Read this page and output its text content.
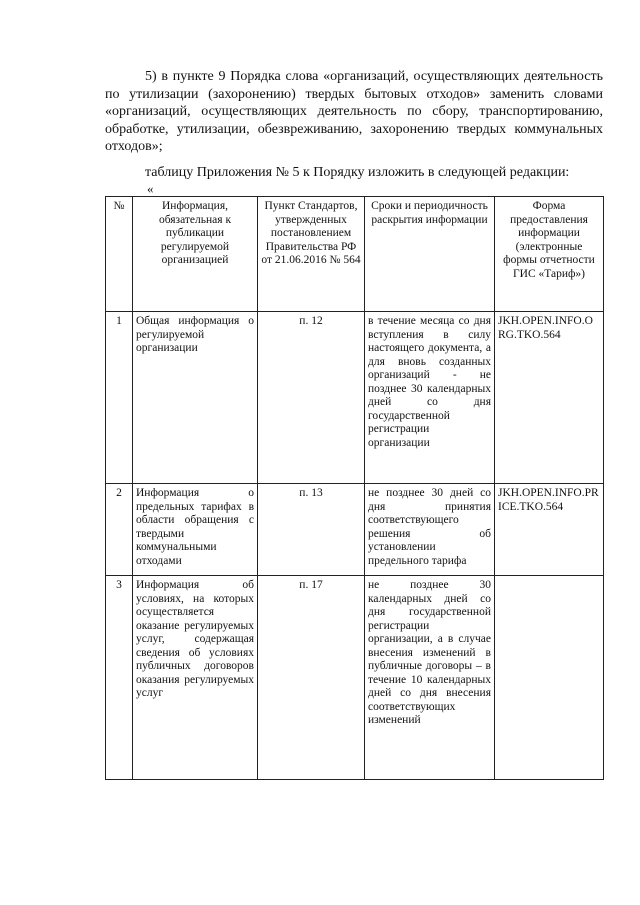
5) в пункте 9 Порядка слова «организаций, осуществляющих деятельность по утилизации (захоронению) твердых бытовых отходов» заменить словами «организаций, осуществляющих деятельность по сбору, транспортированию, обработке, утилизации, обезвреживанию, захоронению твердых коммунальных отходов»;
таблицу Приложения № 5 к Порядку изложить в следующей редакции:
«
№	Информация, обязательная к публикации регулируемой организацией	Пункт Стандартов, утвержденных постановлением Правительства РФ от 21.06.2016 № 564	Сроки и периодичность раскрытия информации	Форма предоставления информации (электронные формы отчетности ГИС «Тариф»)
1	Общая информация о регулируемой организации	п. 12	в течение месяца со дня вступления в силу настоящего документа, а для вновь созданных организаций - не позднее 30 календарных дней со дня государственной регистрации организации	JKH.OPEN.INFO.ORG.TKO.564
2	Информация о предельных тарифах в области обращения с твердыми коммунальными отходами	п. 13	не позднее 30 дней со дня принятия соответствующего решения об установлении предельного тарифа	JKH.OPEN.INFO.PRICE.TKO.564
3	Информация об условиях, на которых осуществляется оказание регулируемых услуг, содержащая сведения об условиях публичных договоров оказания регулируемых услуг	п. 17	не позднее 30 календарных дней со дня государственной регистрации организации, а в случае внесения изменений в публичные договоры – в течение 10 календарных дней со дня внесения соответствующих изменений	
